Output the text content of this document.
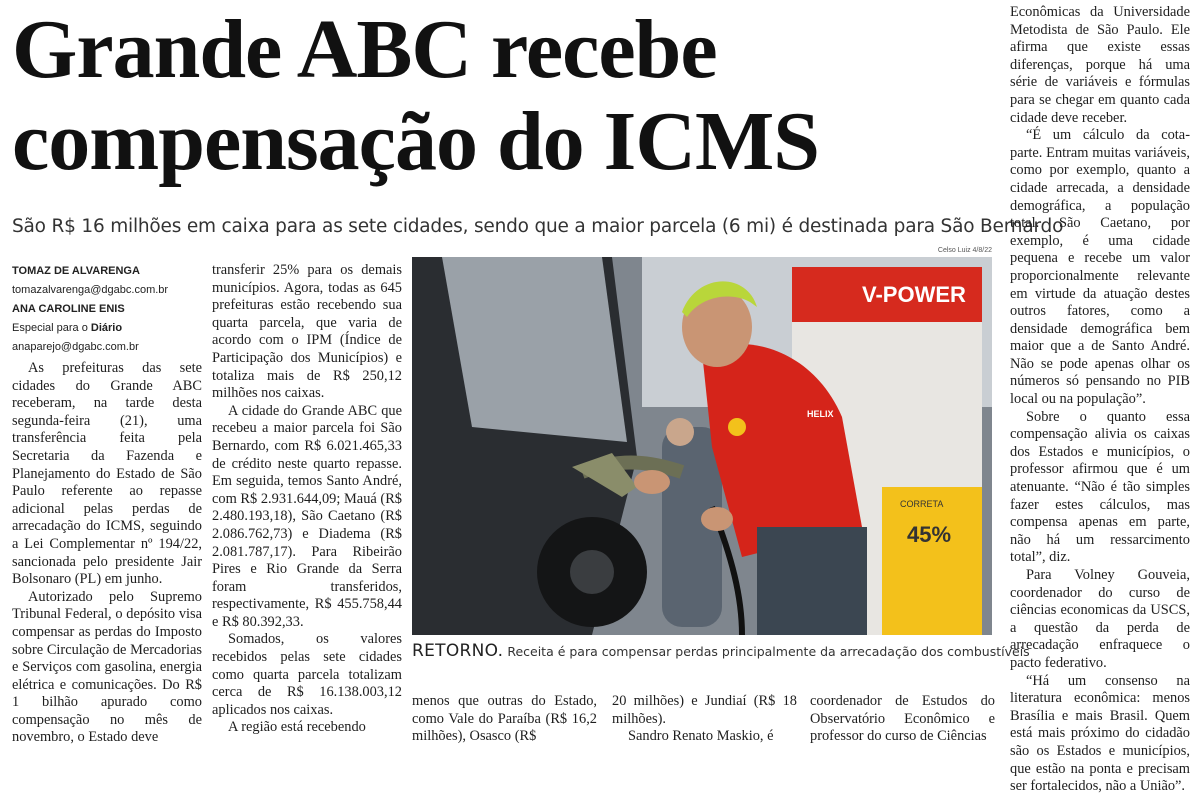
Grande ABC recebe
compensação do ICMS
São R$ 16 milhões em caixa para as sete cidades, sendo que a maior parcela (6 mi) é destinada para São Bernardo
TOMAZ DE ALVARENGA
tomazalvarenga@dgabc.com.br
ANA CAROLINE ENIS
Especial para o Diário
anaparejo@dgabc.com.br

As prefeituras das sete cidades do Grande ABC receberam, na tarde desta segunda-feira (21), uma transferência feita pela Secretaria da Fazenda e Planejamento do Estado de São Paulo referente ao repasse adicional pelas perdas de arrecadação do ICMS, seguindo a Lei Complementar nº 194/22, sancionada pelo presidente Jair Bolsonaro (PL) em junho.

Autorizado pelo Supremo Tribunal Federal, o depósito visa compensar as perdas do Imposto sobre Circulação de Mercadorias e Serviços com gasolina, energia elétrica e comunicações. Do R$ 1 bilhão apurado como compensação no mês de novembro, o Estado deve

transferir 25% para os demais municípios. Agora, todas as 645 prefeituras estão recebendo sua quarta parcela, que varia de acordo com o IPM (Índice de Participação dos Municípios) e totaliza mais de R$ 250,12 milhões nos caixas.

A cidade do Grande ABC que recebeu a maior parcela foi São Bernardo, com R$ 6.021.465,33 de crédito neste quarto repasse. Em seguida, temos Santo André, com R$ 2.931.644,09; Mauá (R$ 2.480.193,18), São Caetano (R$ 2.086.762,73) e Diadema (R$ 2.081.787,17). Para Ribeirão Pires e Rio Grande da Serra foram transferidos, respectivamente, R$ 455.758,44 e R$ 80.392,33.

Somados, os valores recebidos pelas sete cidades como quarta parcela totalizam cerca de R$ 16.138.003,12 aplicados nos caixas.

A região está recebendo

Celso Luiz 4/8/22
V-POWER
CORRETA
45%
HELIX
RETORNO. Receita é para compensar perdas principalmente da arrecadação dos combustíveis

menos que outras do Estado, como Vale do Paraíba (R$ 16,2 milhões), Osasco (R$

20 milhões) e Jundiaí (R$ 18 milhões).

Sandro Renato Maskio, é

coordenador de Estudos do Observatório Econômico e professor do curso de Ciências

Econômicas da Universidade Metodista de São Paulo. Ele afirma que existe essas diferenças, porque há uma série de variáveis e fórmulas para se chegar em quanto cada cidade deve receber.

“É um cálculo da cota-parte. Entram muitas variáveis, como por exemplo, quanto a cidade arrecada, a densidade demográfica, a população total. São Caetano, por exemplo, é uma cidade pequena e recebe um valor proporcionalmente relevante em virtude da atuação destes outros fatores, como a densidade demográfica bem maior que a de Santo André. Não se pode apenas olhar os números só pensando no PIB local ou na população”.

Sobre o quanto essa compensação alivia os caixas dos Estados e municípios, o professor afirmou que é um atenuante. “Não é tão simples fazer estes cálculos, mas compensa apenas em parte, não há um ressarcimento total”, diz.

Para Volney Gouveia, coordenador do curso de ciências economicas da USCS, a questão da perda de arrecadação enfraquece o pacto federativo.

“Há um consenso na literatura econômica: menos Brasília e mais Brasil. Quem está mais próximo do cidadão são os Estados e municípios, que estão na ponta e precisam ser fortalecidos, não a União”.
